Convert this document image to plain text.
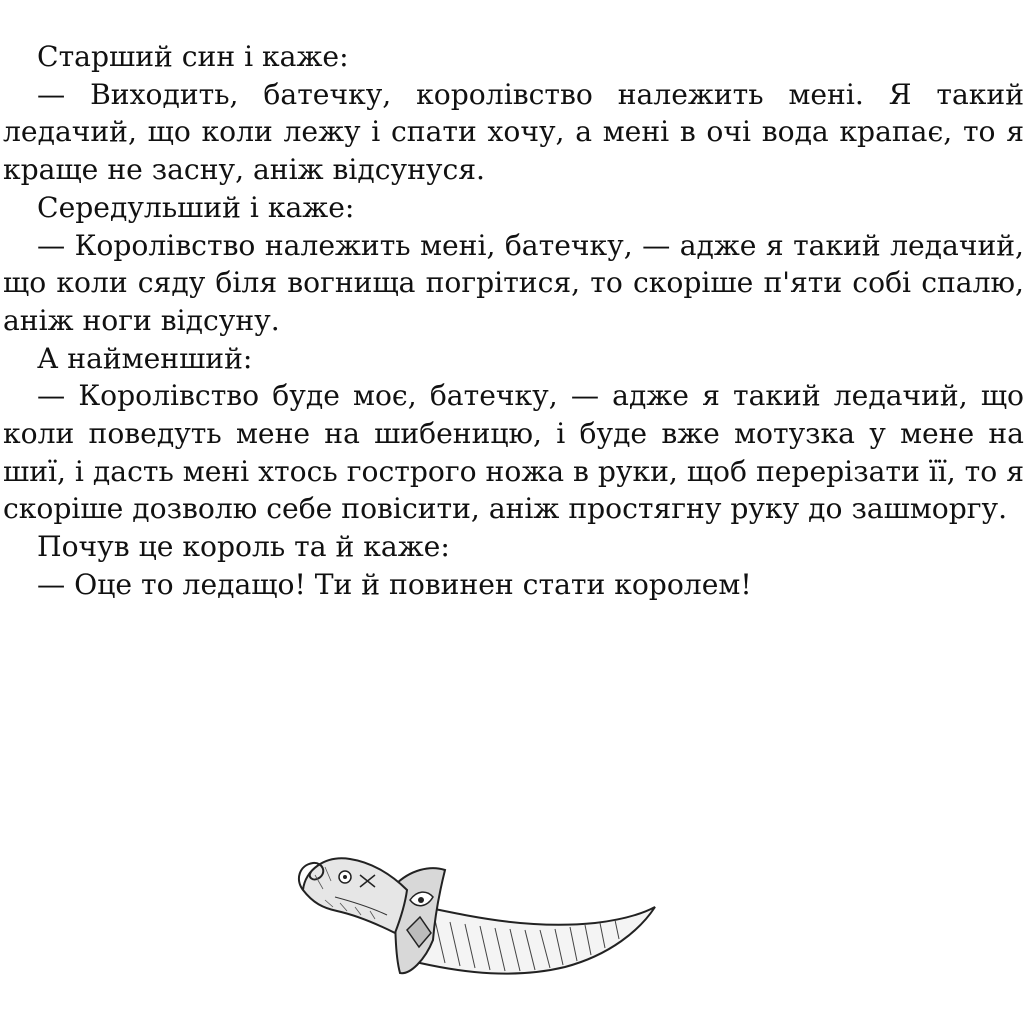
Старший син і каже:

— Виходить, батечку, королівство належить мені. Я такий ледачий, що коли лежу і спати хочу, а мені в очі вода крапає, то я краще не засну, аніж відсунуся.

Середульший і каже:

— Королівство належить мені, батечку, — адже я такий ледачий, що коли сяду біля вогнища погрітися, то скоріше п'яти собі спалю, аніж ноги відсуну.

А найменший:

— Королівство буде моє, батечку, — адже я такий ледачий, що коли поведуть мене на шибеницю, і буде вже мотузка у мене на шиї, і дасть мені хтось гострого ножа в руки, щоб перерізати її, то я скоріше дозволю себе повісити, аніж простягну руку до зашморгу.

Почув це король та й каже:

— Оце то ледащо! Ти й повинен стати королем!
